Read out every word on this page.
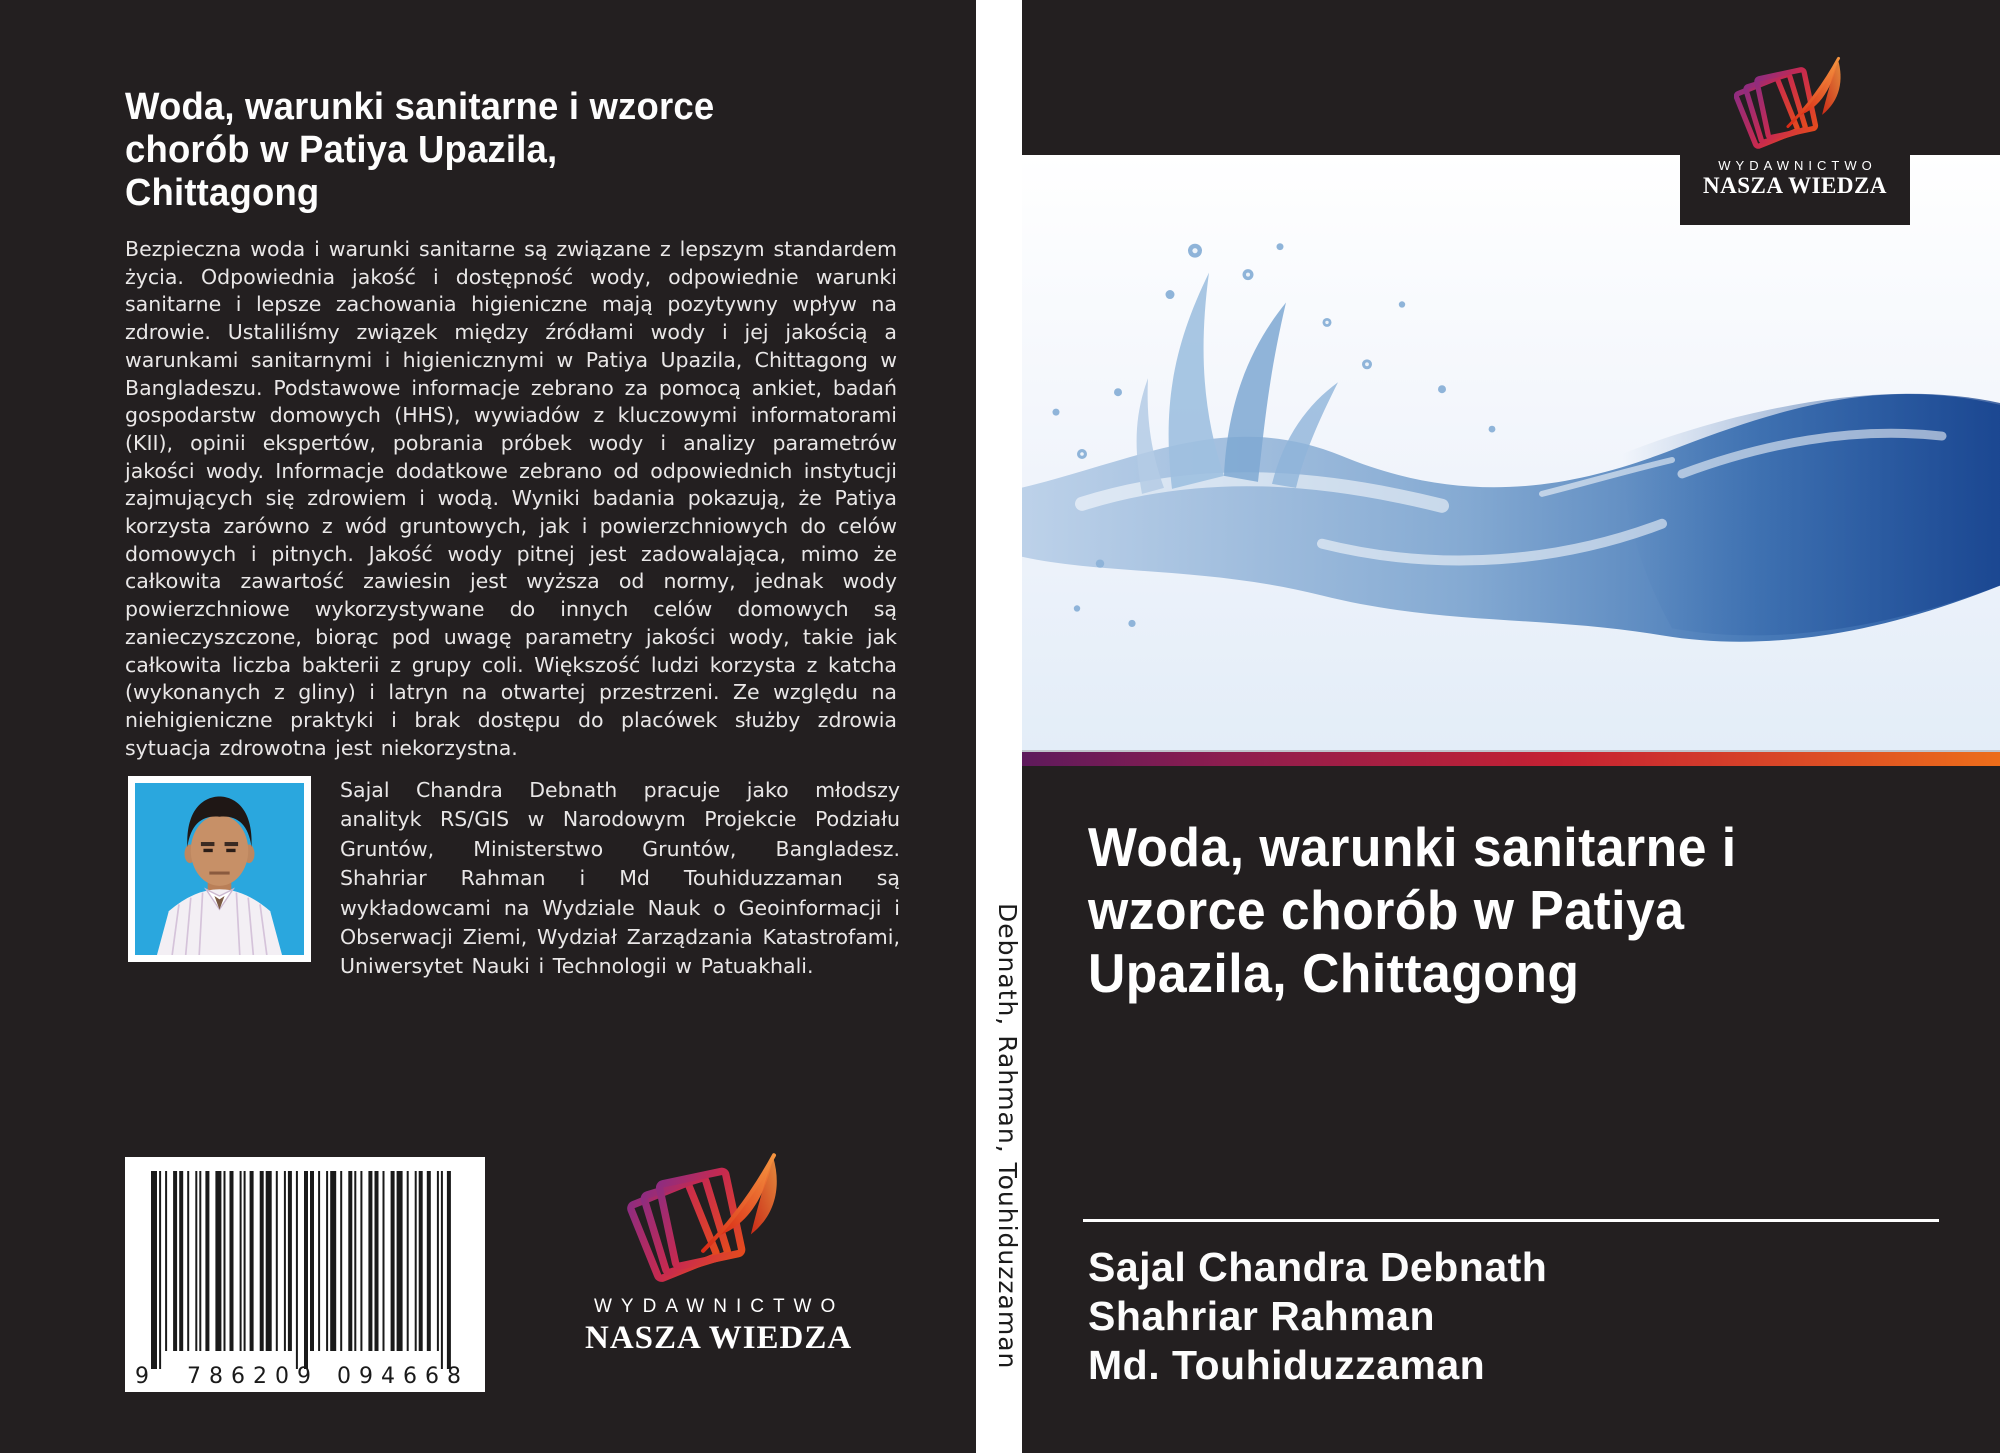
Woda, warunki sanitarne i wzorce
chorób w Patiya Upazila,
Chittagong
Bezpieczna woda i warunki sanitarne są związane z lepszym standardem życia. Odpowiednia jakość i dostępność wody, odpowiednie warunki sanitarne i lepsze zachowania higieniczne mają pozytywny wpływ na zdrowie. Ustaliliśmy związek między źródłami wody i jej jakością a warunkami sanitarnymi i higienicznymi w Patiya Upazila, Chittagong w Bangladeszu. Podstawowe informacje zebrano za pomocą ankiet, badań gospodarstw domowych (HHS), wywiadów z kluczowymi informatorami (KII), opinii ekspertów, pobrania próbek wody i analizy parametrów jakości wody. Informacje dodatkowe zebrano od odpowiednich instytucji zajmujących się zdrowiem i wodą. Wyniki badania pokazują, że Patiya korzysta zarówno z wód gruntowych, jak i powierzchniowych do celów domowych i pitnych. Jakość wody pitnej jest zadowalająca, mimo że całkowita zawartość zawiesin jest wyższa od normy, jednak wody powierzchniowe wykorzystywane do innych celów domowych są zanieczyszczone, biorąc pod uwagę parametry jakości wody, takie jak całkowita liczba bakterii z grupy coli. Większość ludzi korzysta z katcha (wykonanych z gliny) i latryn na otwartej przestrzeni. Ze względu na niehigieniczne praktyki i brak dostępu do placówek służby zdrowia sytuacja zdrowotna jest niekorzystna.
Sajal Chandra Debnath pracuje jako młodszy analityk RS/GIS w Narodowym Projekcie Podziału Gruntów, Ministerstwo Gruntów, Bangladesz. Shahriar Rahman i Md Touhiduzzaman są wykładowcami na Wydziale Nauk o Geoinformacji i Obserwacji Ziemi, Wydział Zarządzania Katastrofami, Uniwersytet Nauki i Technologii w Patuakhali.
9 786209 094668
WYDAWNICTWO
NASZA WIEDZA	Debnath, Rahman, Touhiduzzaman
WYDAWNICTWO
NASZA WIEDZA
Woda, warunki sanitarne i
wzorce chorób w Patiya
Upazila, Chittagong
Sajal Chandra Debnath
Shahriar Rahman
Md. Touhiduzzaman
